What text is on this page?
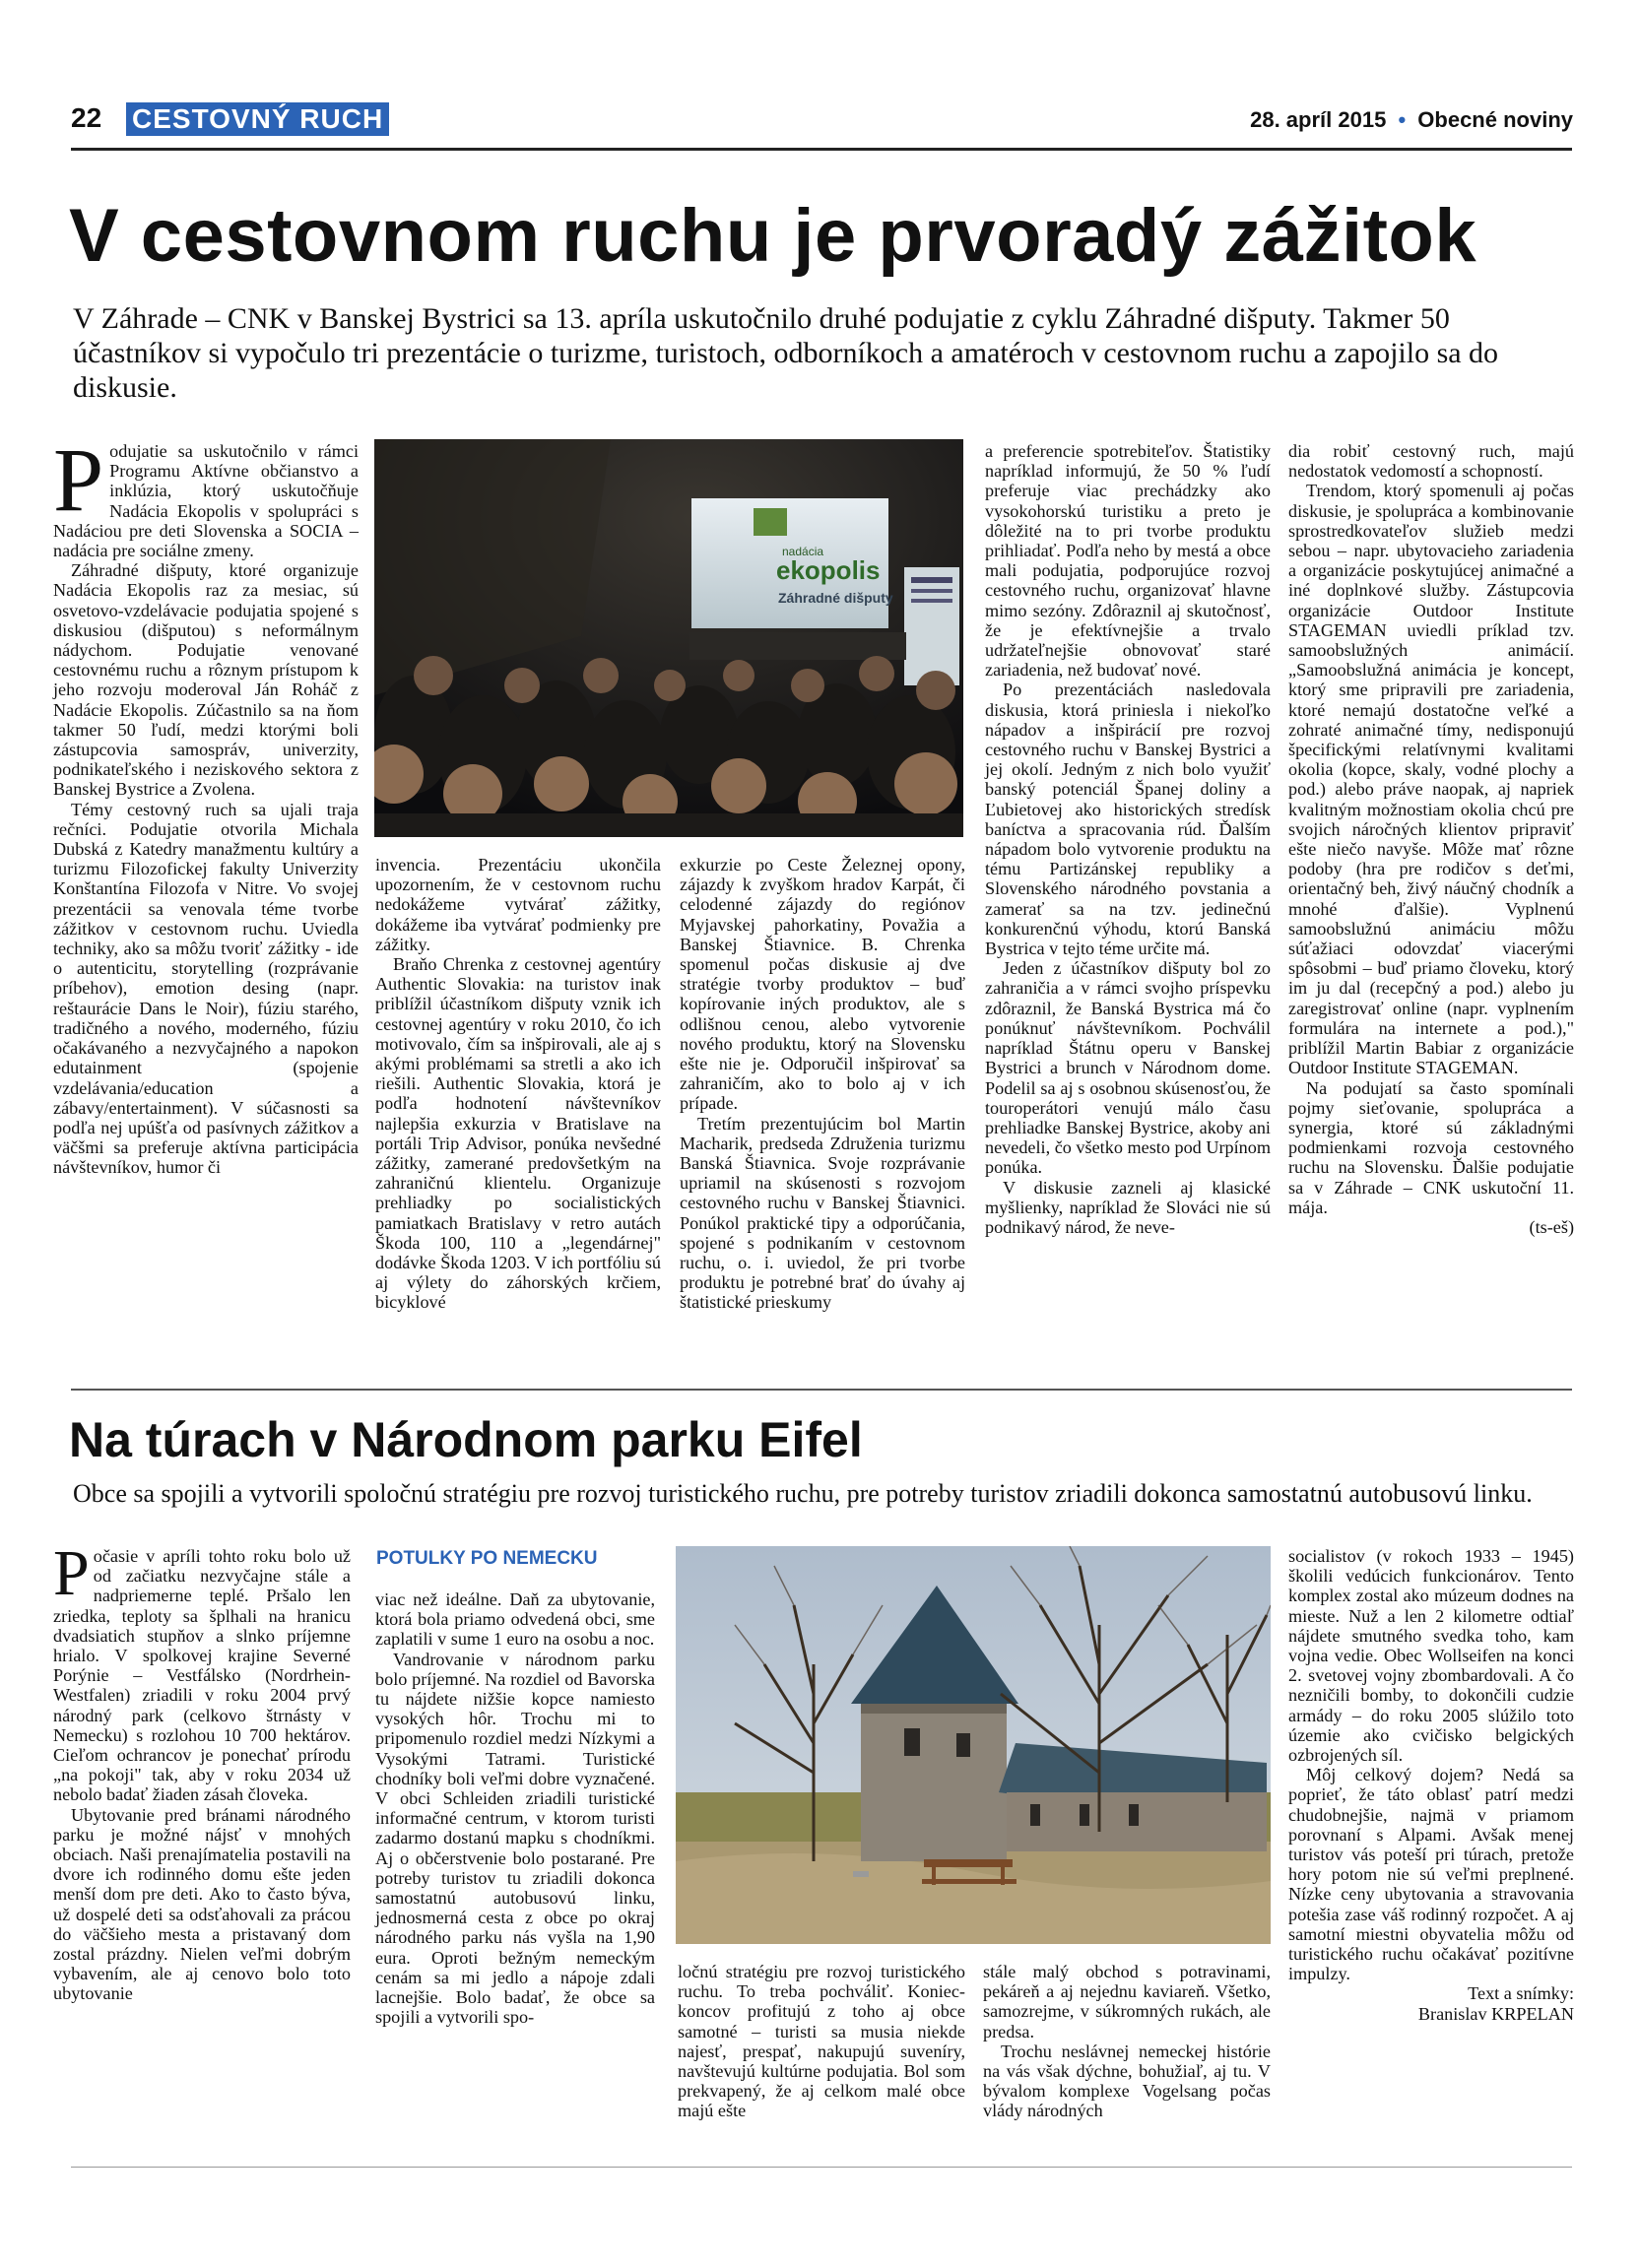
22 CESTOVNÝ RUCH	28. apríl 2015 • Obecné noviny
V cestovnom ruchu je prvoradý zážitok
V Záhrade – CNK v Banskej Bystrici sa 13. apríla uskutočnilo druhé podujatie z cyklu Záhradné dišputy. Takmer 50 účastníkov si vypočulo tri prezentácie o turizme, turistoch, odborníkoch a amatéroch v cestovnom ruchu a zapojilo sa do diskusie.
nadácia
ekopolis
Záhradné dišputy

Podujatie sa uskutočnilo v rámci Programu Aktívne občianstvo a inklúzia, ktorý uskutočňuje Nadácia Ekopolis v spolupráci s Nadáciou pre deti Slovenska a SOCIA – nadácia pre sociálne zmeny.

Záhradné dišputy, ktoré organizuje Nadácia Ekopolis raz za mesiac, sú osvetovo-vzdelávacie podujatia spojené s diskusiou (dišputou) s neformálnym nádychom. Podujatie venované cestovnému ruchu a rôznym prístupom k jeho rozvoju moderoval Ján Roháč z Nadácie Ekopolis. Zúčastnilo sa na ňom takmer 50 ľudí, medzi ktorými boli zástupcovia samospráv, univerzity, podnikateľského i neziskového sektora z Banskej Bystrice a Zvolena.

Témy cestovný ruch sa ujali traja rečníci. Podujatie otvorila Michala Dubská z Katedry manažmentu kultúry a turizmu Filozofickej fakulty Univerzity Konštantína Filozofa v Nitre. Vo svojej prezentácii sa venovala téme tvorbe zážitkov v cestovnom ruchu. Uviedla techniky, ako sa môžu tvoriť zážitky - ide o autenticitu, storytelling (rozprávanie príbehov), emotion desing (napr. reštaurácie Dans le Noir), fúziu starého, tradičného a nového, moderného, fúziu očakávaného a nezvyčajného a napokon edutainment (spojenie vzdelávania/education a zábavy/entertainment). V súčasnosti sa podľa nej upúšťa od pasívnych zážitkov a väčšmi sa preferuje aktívna participácia návštevníkov, humor či

invencia. Prezentáciu ukončila upozornením, že v cestovnom ruchu nedokážeme vytvárať zážitky, dokážeme iba vytvárať podmienky pre zážitky.

Braňo Chrenka z cestovnej agentúry Authentic Slovakia: na turistov inak priblížil účastníkom dišputy vznik ich cestovnej agentúry v roku 2010, čo ich motivovalo, čím sa inšpirovali, ale aj s akými problémami sa stretli a ako ich riešili. Authentic Slovakia, ktorá je podľa hodnotení návštevníkov najlepšia exkurzia v Bratislave na portáli Trip Advisor, ponúka nevšedné zážitky, zamerané predovšetkým na zahraničnú klientelu. Organizuje prehliadky po socialistických pamiatkach Bratislavy v retro autách Škoda 100, 110 a „legendárnej" dodávke Škoda 1203. V ich portfóliu sú aj výlety do záhorských krčiem, bicyklové

exkurzie po Ceste Železnej opony, zájazdy k zvyškom hradov Karpát, či celodenné zájazdy do regiónov Myjavskej pahorkatiny, Považia a Banskej Štiavnice. B. Chrenka spomenul počas diskusie aj dve stratégie tvorby produktov – buď kopírovanie iných produktov, ale s odlišnou cenou, alebo vytvorenie nového produktu, ktorý na Slovensku ešte nie je. Odporučil inšpirovať sa zahraničím, ako to bolo aj v ich prípade.

Tretím prezentujúcim bol Martin Macharik, predseda Združenia turizmu Banská Štiavnica. Svoje rozprávanie upriamil na skúsenosti s rozvojom cestovného ruchu v Banskej Štiavnici. Ponúkol praktické tipy a odporúčania, spojené s podnikaním v cestovnom ruchu, o. i. uviedol, že pri tvorbe produktu je potrebné brať do úvahy aj štatistické prieskumy

a preferencie spotrebiteľov. Štatistiky napríklad informujú, že 50 % ľudí preferuje viac prechádzky ako vysokohorskú turistiku a preto je dôležité na to pri tvorbe produktu prihliadať. Podľa neho by mestá a obce mali podujatia, podporujúce rozvoj cestovného ruchu, organizovať hlavne mimo sezóny. Zdôraznil aj skutočnosť, že je efektívnejšie a trvalo udržateľnejšie obnovovať staré zariadenia, než budovať nové.

Po prezentáciách nasledovala diskusia, ktorá priniesla i niekoľko nápadov a inšpirácií pre rozvoj cestovného ruchu v Banskej Bystrici a jej okolí. Jedným z nich bolo využiť banský potenciál Španej doliny a Ľubietovej ako historických stredísk baníctva a spracovania rúd. Ďalším nápadom bolo vytvorenie produktu na tému Partizánskej republiky a Slovenského národného povstania a zamerať sa na tzv. jedinečnú konkurenčnú výhodu, ktorú Banská Bystrica v tejto téme určite má.

Jeden z účastníkov dišputy bol zo zahraničia a v rámci svojho príspevku zdôraznil, že Banská Bystrica má čo ponúknuť návštevníkom. Pochválil napríklad Štátnu operu v Banskej Bystrici a brunch v Národnom dome. Podelil sa aj s osobnou skúsenosťou, že touroperátori venujú málo času prehliadke Banskej Bystrice, akoby ani nevedeli, čo všetko mesto pod Urpínom ponúka.

V diskusie zazneli aj klasické myšlienky, napríklad že Slováci nie sú podnikavý národ, že neve-

dia robiť cestovný ruch, majú nedostatok vedomostí a schopností.

Trendom, ktorý spomenuli aj počas diskusie, je spolupráca a kombinovanie sprostredkovateľov služieb medzi sebou – napr. ubytovacieho zariadenia a organizácie poskytujúcej animačné a iné doplnkové služby. Zástupcovia organizácie Outdoor Institute STAGEMAN uviedli príklad tzv. samoobslužných animácií. „Samoobslužná animácia je koncept, ktorý sme pripravili pre zariadenia, ktoré nemajú dostatočne veľké a zohraté animačné tímy, nedisponujú špecifickými relatívnymi kvalitami okolia (kopce, skaly, vodné plochy a pod.) alebo práve naopak, aj napriek kvalitným možnostiam okolia chcú pre svojich náročných klientov pripraviť ešte niečo navyše. Môže mať rôzne podoby (hra pre rodičov s deťmi, orientačný beh, živý náučný chodník a mnohé ďalšie). Vyplnenú samoobslužnú animáciu môžu súťažiaci odovzdať viacerými spôsobmi – buď priamo človeku, ktorý im ju dal (recepčný a pod.) alebo ju zaregistrovať online (napr. vyplnením formulára na internete a pod.)," priblížil Martin Babiar z organizácie Outdoor Institute STAGEMAN.

Na podujatí sa často spomínali pojmy sieťovanie, spolupráca a synergia, ktoré sú základnými podmienkami rozvoja cestovného ruchu na Slovensku. Ďalšie podujatie sa v Záhrade – CNK uskutoční 11. mája.

(ts-eš)

Na túrach v Národnom parku Eifel
Obce sa spojili a vytvorili spoločnú stratégiu pre rozvoj turistického ruchu, pre potreby turistov zriadili dokonca samostatnú autobusovú linku.

Počasie v apríli tohto roku bolo už od začiatku nezvyčajne stále a nadpriemerne teplé. Pršalo len zriedka, teploty sa šplhali na hranicu dvadsiatich stupňov a slnko príjemne hrialo. V spolkovej krajine Severné Porýnie – Vestfálsko (Nordrhein-Westfalen) zriadili v roku 2004 prvý národný park (celkovo štrnásty v Nemecku) s rozlohou 10 700 hektárov. Cieľom ochrancov je ponechať prírodu „na pokoji" tak, aby v roku 2034 už nebolo badať žiaden zásah človeka.

Ubytovanie pred bránami národného parku je možné nájsť v mnohých obciach. Naši prenajímatelia postavili na dvore ich rodinného domu ešte jeden menší dom pre deti. Ako to často býva, už dospelé deti sa odsťahovali za prácou do väčšieho mesta a pristavaný dom zostal prázdny. Nielen veľmi dobrým vybavením, ale aj cenovo bolo toto ubytovanie

POTULKY PO NEMECKU

viac než ideálne. Daň za ubytovanie, ktorá bola priamo odvedená obci, sme zaplatili v sume 1 euro na osobu a noc.

Vandrovanie v národnom parku bolo príjemné. Na rozdiel od Bavorska tu nájdete nižšie kopce namiesto vysokých hôr. Trochu mi to pripomenulo rozdiel medzi Nízkymi a Vysokými Tatrami. Turistické chodníky boli veľmi dobre vyznačené. V obci Schleiden zriadili turistické informačné centrum, v ktorom turisti zadarmo dostanú mapku s chodníkmi. Aj o občerstvenie bolo postarané. Pre potreby turistov tu zriadili dokonca samostatnú autobusovú linku, jednosmerná cesta z obce po okraj národného parku nás vyšla na 1,90 eura. Oproti bežným nemeckým cenám sa mi jedlo a nápoje zdali lacnejšie. Bolo badať, že obce sa spojili a vytvorili spo-

ločnú stratégiu pre rozvoj turistického ruchu. To treba pochváliť. Koniec-koncov profitujú z toho aj obce samotné – turisti sa musia niekde najesť, prespať, nakupujú suveníry, navštevujú kultúrne podujatia. Bol som prekvapený, že aj celkom malé obce majú ešte

stále malý obchod s potravinami, pekáreň a aj nejednu kaviareň. Všetko, samozrejme, v súkromných rukách, ale predsa.

Trochu neslávnej nemeckej histórie na vás však dýchne, bohužiaľ, aj tu. V bývalom komplexe Vogelsang počas vlády národných

socialistov (v rokoch 1933 – 1945) školili vedúcich funkcionárov. Tento komplex zostal ako múzeum dodnes na mieste. Nuž a len 2 kilometre odtiaľ nájdete smutného svedka toho, kam vojna vedie. Obec Wollseifen na konci 2. svetovej vojny zbombardovali. A čo nezničili bomby, to dokončili cudzie armády – do roku 2005 slúžilo toto územie ako cvičisko belgických ozbrojených síl.

Môj celkový dojem? Nedá sa poprieť, že táto oblasť patrí medzi chudobnejšie, najmä v priamom porovnaní s Alpami. Avšak menej turistov vás poteší pri túrach, pretože hory potom nie sú veľmi preplnené. Nízke ceny ubytovania a stravovania potešia zase váš rodinný rozpočet. A aj samotní miestni obyvatelia môžu od turistického ruchu očakávať pozitívne impulzy.

Text a snímky:

Branislav KRPELAN
